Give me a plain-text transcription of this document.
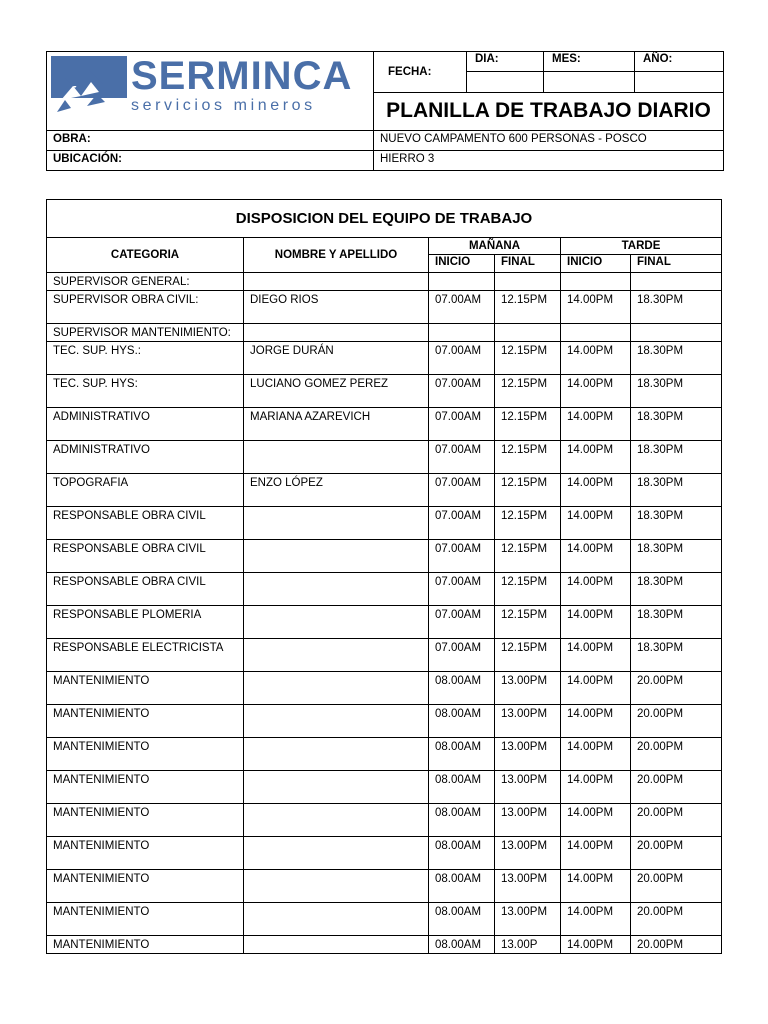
SERMINCA
servicios mineros	FECHA:	DIA:	MES:	AÑO:

	PLANILLA DE TRABAJO DIARIO			
OBRA:	NUEVO CAMPAMENTO 600 PERSONAS - POSCO			
UBICACIÓN:	HIERRO 3			
DISPOSICION DEL EQUIPO DE TRABAJO					
CATEGORIA	NOMBRE Y APELLIDO	MAÑANA		TARDE	
		INICIO	FINAL	INICIO	FINAL
SUPERVISOR GENERAL:					
SUPERVISOR OBRA CIVIL:	DIEGO RIOS	07.00AM	12.15PM	14.00PM	18.30PM
SUPERVISOR MANTENIMIENTO:					
TEC. SUP. HYS.:	JORGE DURÁN	07.00AM	12.15PM	14.00PM	18.30PM
TEC. SUP. HYS:	LUCIANO GOMEZ PEREZ	07.00AM	12.15PM	14.00PM	18.30PM
ADMINISTRATIVO	MARIANA AZAREVICH	07.00AM	12.15PM	14.00PM	18.30PM
ADMINISTRATIVO		07.00AM	12.15PM	14.00PM	18.30PM
TOPOGRAFIA	ENZO LÓPEZ	07.00AM	12.15PM	14.00PM	18.30PM
RESPONSABLE OBRA CIVIL		07.00AM	12.15PM	14.00PM	18.30PM
RESPONSABLE OBRA CIVIL		07.00AM	12.15PM	14.00PM	18.30PM
RESPONSABLE OBRA CIVIL		07.00AM	12.15PM	14.00PM	18.30PM
RESPONSABLE PLOMERIA		07.00AM	12.15PM	14.00PM	18.30PM
RESPONSABLE ELECTRICISTA		07.00AM	12.15PM	14.00PM	18.30PM
MANTENIMIENTO		08.00AM	13.00PM	14.00PM	20.00PM
MANTENIMIENTO		08.00AM	13.00PM	14.00PM	20.00PM
MANTENIMIENTO		08.00AM	13.00PM	14.00PM	20.00PM
MANTENIMIENTO		08.00AM	13.00PM	14.00PM	20.00PM
MANTENIMIENTO		08.00AM	13.00PM	14.00PM	20.00PM
MANTENIMIENTO		08.00AM	13.00PM	14.00PM	20.00PM
MANTENIMIENTO		08.00AM	13.00PM	14.00PM	20.00PM
MANTENIMIENTO		08.00AM	13.00PM	14.00PM	20.00PM
MANTENIMIENTO		08.00AM	13.00P	14.00PM	20.00PM
